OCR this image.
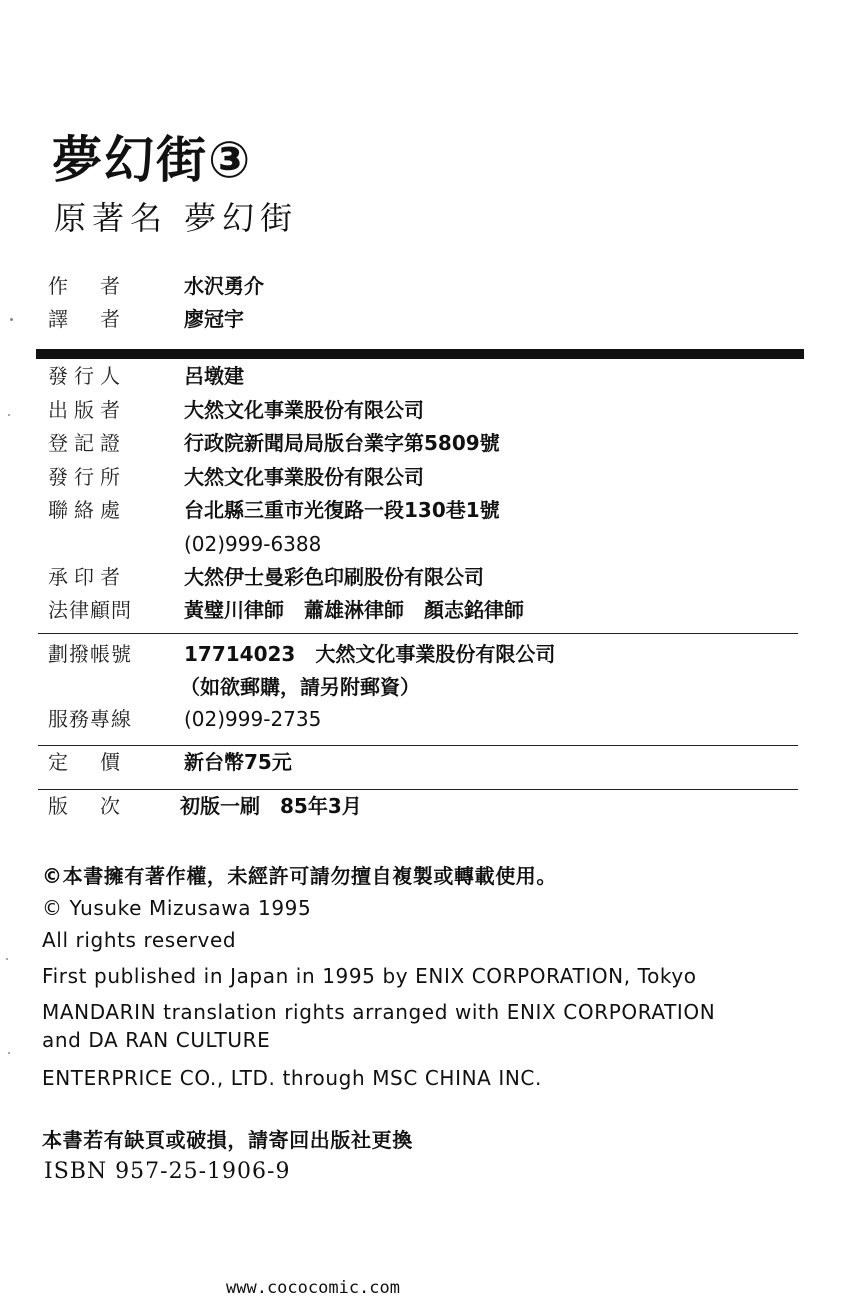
夢幻街③
原著名 夢幻街
作　者	水沢勇介
譯　者	廖冠宇
發行人	呂墩建
出版者	大然文化事業股份有限公司
登記證	行政院新聞局局版台業字第5809號
發行所	大然文化事業股份有限公司
聯絡處	台北縣三重市光復路一段130巷1號
(02)999-6388
承印者	大然伊士曼彩色印刷股份有限公司
法律顧問	黃璧川律師　蕭雄淋律師　顏志銘律師
劃撥帳號	17714023　大然文化事業股份有限公司
（如欲郵購，請另附郵資）
服務專線	(02)999-2735
定　價	新台幣75元
版　次	初版一刷　85年3月
©本書擁有著作權，未經許可請勿擅自複製或轉載使用。
© Yusuke Mizusawa 1995
All rights reserved
First published in Japan in 1995 by ENIX CORPORATION, Tokyo
MANDARIN translation rights arranged with ENIX CORPORATION
and DA RAN CULTURE
ENTERPRICE CO., LTD. through MSC CHINA INC.
本書若有缺頁或破損，請寄回出版社更換
ISBN 957-25-1906-9
www.cococomic.com
